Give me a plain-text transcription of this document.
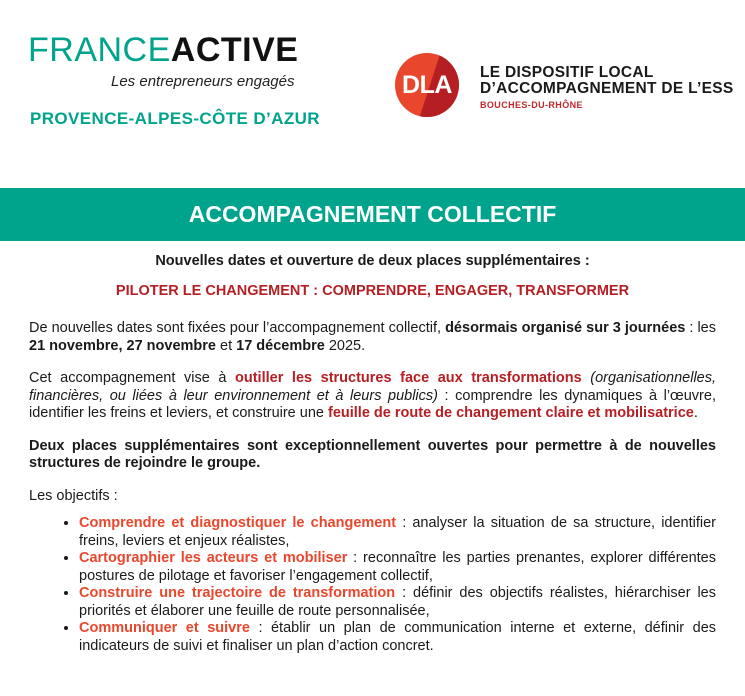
FRANCEACTIVE
Les entrepreneurs engagés
PROVENCE-ALPES-CÔTE D’AZUR
DLA	LE DISPOSITIF LOCAL
D’ACCOMPAGNEMENT DE L’ESS
BOUCHES-DU-RHÔNE
ACCOMPAGNEMENT COLLECTIF
Nouvelles dates et ouverture de deux places supplémentaires :
PILOTER LE CHANGEMENT : COMPRENDRE, ENGAGER, TRANSFORMER

De nouvelles dates sont fixées pour l’accompagnement collectif, désormais organisé sur 3 journées : les 21 novembre, 27 novembre et 17 décembre 2025.

Cet accompagnement vise à outiller les structures face aux transformations (organisationnelles, financières, ou liées à leur environnement et à leurs publics) : comprendre les dynamiques à l’œuvre, identifier les freins et leviers, et construire une feuille de route de changement claire et mobilisatrice.

Deux places supplémentaires sont exceptionnellement ouvertes pour permettre à de nouvelles structures de rejoindre le groupe.

Les objectifs :

• Comprendre et diagnostiquer le changement : analyser la situation de sa structure, identifier freins, leviers et enjeux réalistes,
• Cartographier les acteurs et mobiliser : reconnaître les parties prenantes, explorer différentes postures de pilotage et favoriser l’engagement collectif,
• Construire une trajectoire de transformation : définir des objectifs réalistes, hiérarchiser les priorités et élaborer une feuille de route personnalisée,
• Communiquer et suivre : établir un plan de communication interne et externe, définir des indicateurs de suivi et finaliser un plan d’action concret.
